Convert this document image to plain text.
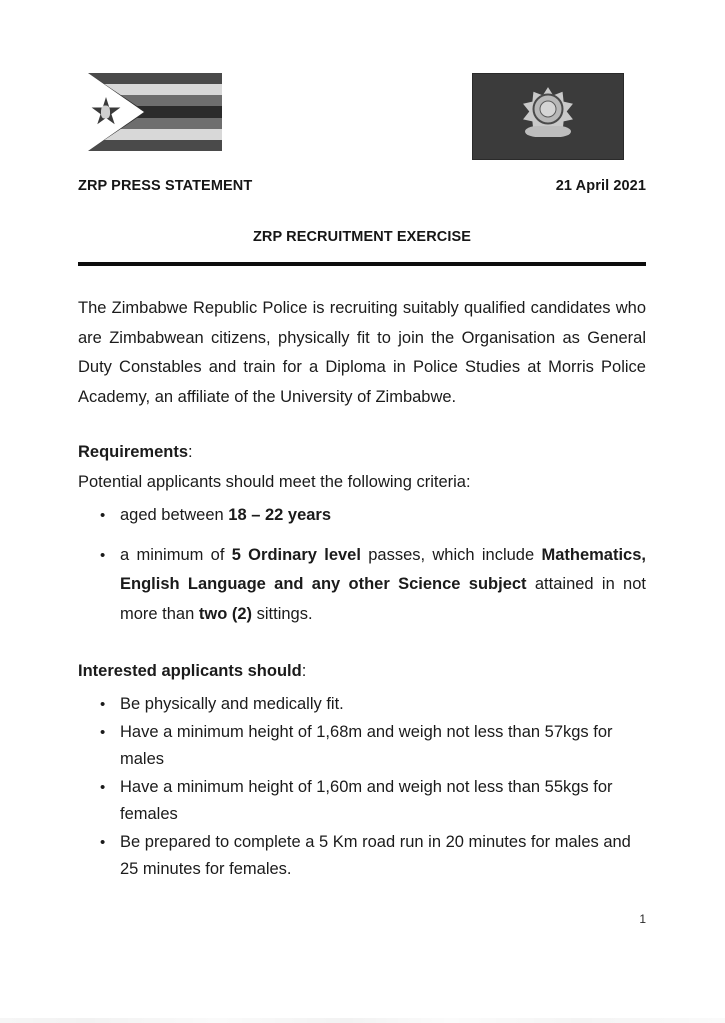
ZRP PRESS STATEMENT	21 April 2021
ZRP RECRUITMENT EXERCISE

The Zimbabwe Republic Police is recruiting suitably qualified candidates who are Zimbabwean citizens, physically fit to join the Organisation as General Duty Constables and train for a Diploma in Police Studies at Morris Police Academy, an affiliate of the University of Zimbabwe.

Requirements:

Potential applicants should meet the following criteria:

• aged between 18 – 22 years
• a minimum of 5 Ordinary level passes, which include Mathematics, English Language and any other Science subject attained in not more than two (2) sittings.
Interested applicants should:
• Be physically and medically fit.
• Have a minimum height of 1,68m and weigh not less than 57kgs for males
• Have a minimum height of 1,60m and weigh not less than 55kgs for females
• Be prepared to complete a 5 Km road run in 20 minutes for males and 25 minutes for females.
1
